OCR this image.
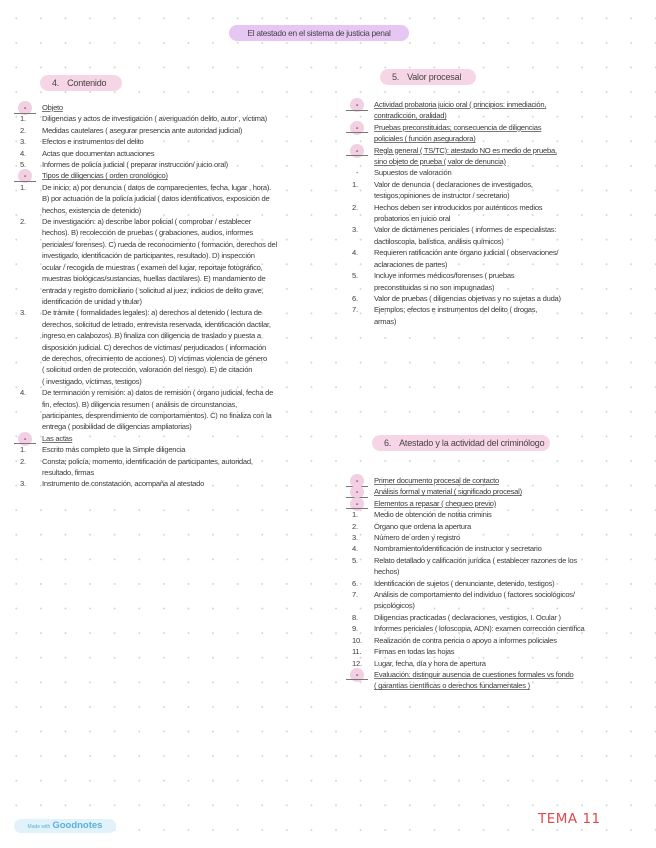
El atestado en el sistema de justicia penal
4. Contenido
-	Objeto
1.	Diligencias y actos de investigación ( averiguación delito, autor , víctima)
2.	Medidas cautelares ( asegurar presencia ante autoridad judicial)
3.	Efectos e instrumentos del delito
4.	Actas que documentan actuaciones
5.	Informes de policía judicial ( preparar instrucción/ juicio oral)
-	Tipos de diligencias ( orden cronológico)
1.	De inicio; a) por denuncia ( datos de comparecientes, fecha, lugar , hora).
B) por actuación de la policía judicial ( datos identificativos, exposición de
hechos, existencia de detenido)
2.	De investigación: a) describe labor policial ( comprobar / establecer
hechos). B) recolección de pruebas ( grabaciones, audios, informes
periciales/ forenses). C) rueda de reconocimiento ( formación, derechos del
investigado, identificación de participantes, resultado). D) inspección
ocular / recogida de muestras ( examen del lugar, reportaje fotográfico,
muestras biológicas/sustancias, huellas dactilares). E) mandamiento de
entrada y registro domiciliario ( solicitud al juez, indicios de delito grave,
identificación de unidad y titular)
3.	De trámite ( formalidades legales): a) derechos al detenido ( lectura de
derechos, solicitud de letrado, entrevista reservada, identificación dactilar,
ingreso en calabozos). B) finaliza con diligencia de traslado y puesta a
disposición judicial. C) derechos de víctimas/ perjudicados ( información
de derechos, ofrecimiento de acciones). D) víctimas violencia de género
( solicitud orden de protección, valoración del riesgo). E) de citación
( investigado, víctimas, testigos)
4.	De terminación y remisión: a) datos de remisión ( órgano judicial, fecha de
fin, efectos). B) diligencia resumen ( análisis de circunstancias,
participantes, desprendimiento de comportamientos). C) no finaliza con la
entrega ( posibilidad de diligencias ampliatorias)
-	Las actas
1.	Escrito más completo que la Simple diligencia
2.	Consta; policía, momento, identificación de participantes, autoridad,
resultado, firmas
3.	Instrumento de constatación, acompaña al atestado
5. Valor procesal
-	Actividad probatoria juicio oral ( principios: inmediación,
contradicción, oralidad)
-	Pruebas preconstituidas; consecuencia de diligencias
policiales ( función aseguradora)
-	Regla general ( TS/TC): atestado NO es medio de prueba,
sino objeto de prueba ( valor de denuncia)
-	Supuestos de valoración
1.	Valor de denuncia ( declaraciones de investigados,
testigos;opiniones de instructor / secretario)
2.	Hechos deben ser introducidos por auténticos medios
probatorios en juicio oral
3.	Valor de dictámenes periciales ( informes de especialistas:
dactiloscopia, balística, análisis químicos)
4.	Requieren ratificación ante órgano judicial ( observaciones/
aclaraciones de partes)
5.	Incluye informes médicos/forenses ( pruebas
preconstituidas si no son impugnadas)
6.	Valor de pruebas ( diligencias objetivas y no sujetas a duda)
7.	Ejemplos; efectos e instrumentos del delito ( drogas,
armas)
6. Atestado y la actividad del criminólogo
-	Primer documento procesal de contacto
-	Análisis formal y material ( significado procesal)
-	Elementos a repasar ( chequeo previo)
1.	Medio de obtención de notitia criminis
2.	Órgano que ordena la apertura
3.	Número de orden y registro
4.	Nombramiento/identificación de instructor y secretario
5.	Relato detallado y calificación jurídica ( establecer razones de los
hechos)
6.	Identificación de sujetos ( denunciante, detenido, testigos)
7.	Análisis de comportamiento del individuo ( factores sociológicos/
psicológicos)
8.	Diligencias practicadas ( declaraciones, vestigios, I. Ocular )
9.	Informes periciales ( lofoscopia, ADN): examen corrección científica
10.	Realización de contra pericia o apoyo a informes policiales
11.	Firmas en todas las hojas
12.	Lugar, fecha, día y hora de apertura
-	Evaluación: distinguir ausencia de cuestiones formales vs fondo
( garantías científicas o derechos fundamentales )
Made with Goodnotes	TEMA 11
